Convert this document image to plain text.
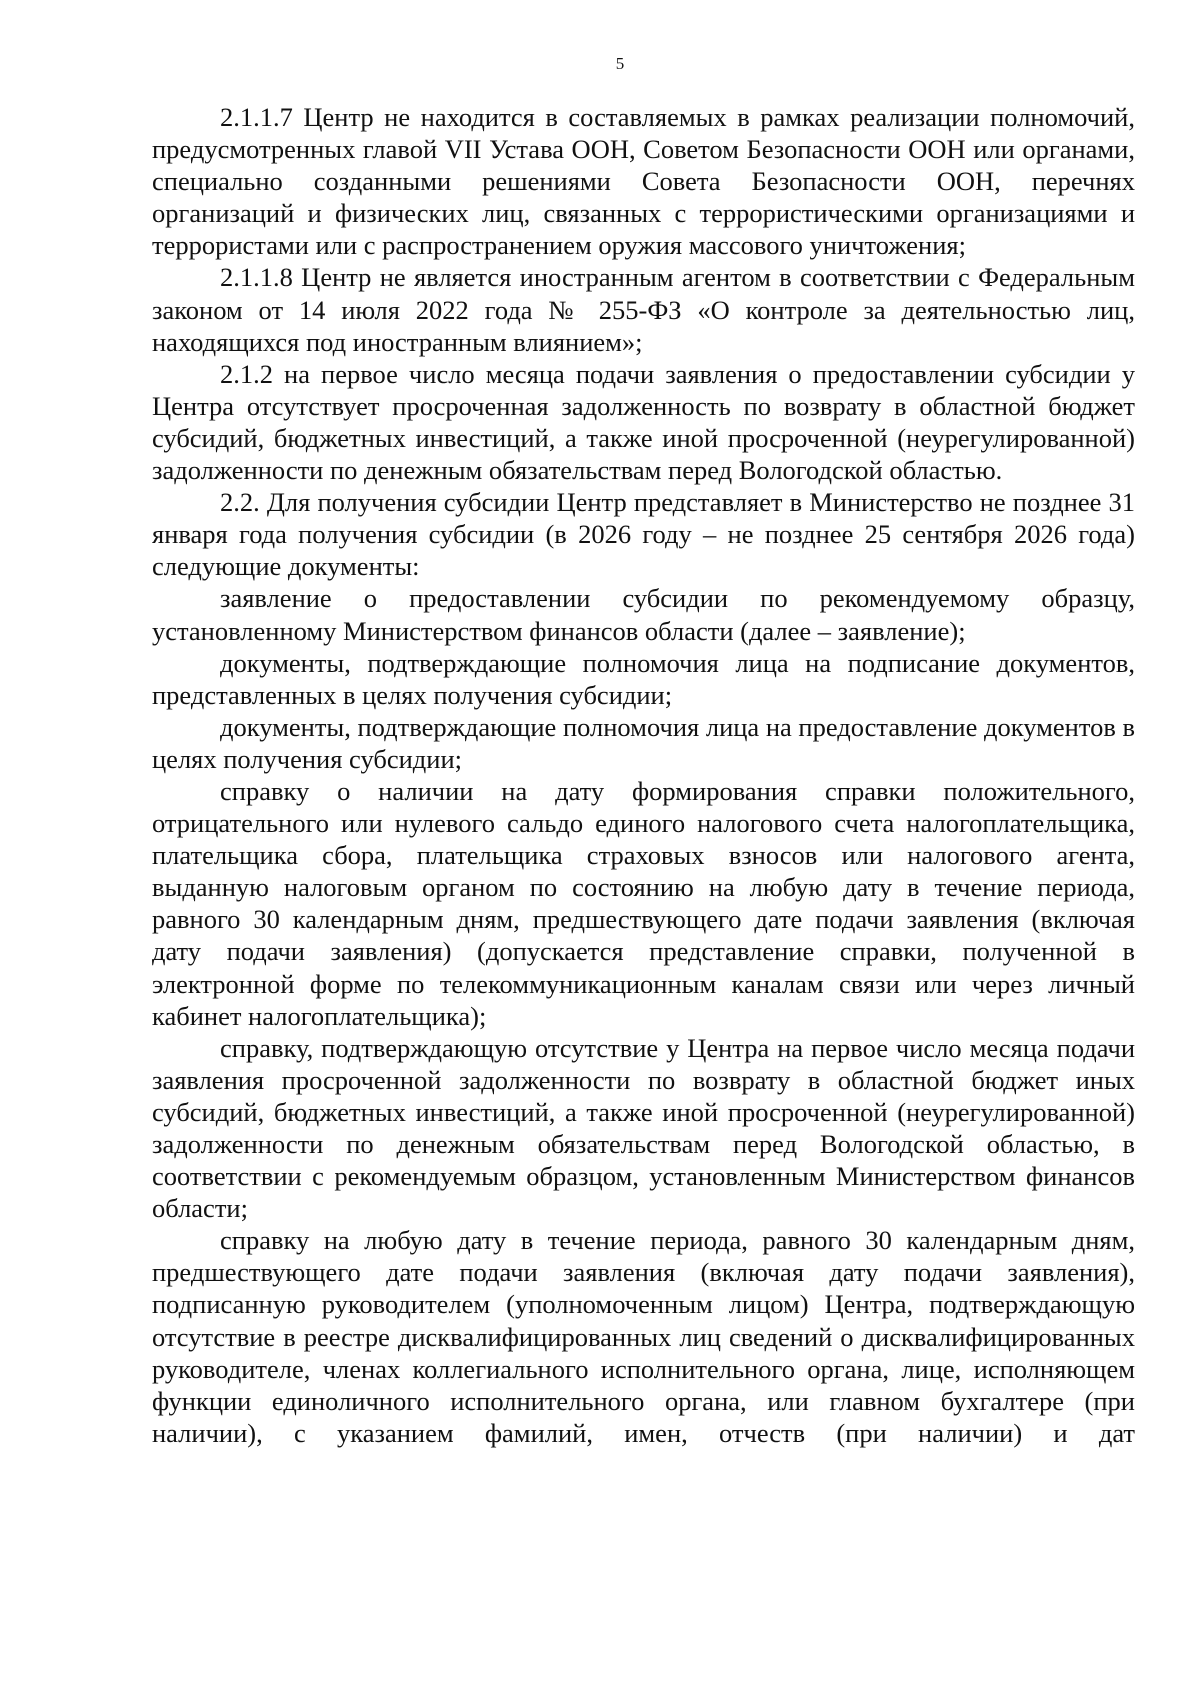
5

2.1.1.7 Центр не находится в составляемых в рамках реализации полномочий, предусмотренных главой VII Устава ООН, Советом Безопасности ООН или органами, специально созданными решениями Совета Безопасности ООН, перечнях организаций и физических лиц, связанных с террористическими организациями и террористами или с распространением оружия массового уничтожения;

2.1.1.8 Центр не является иностранным агентом в соответствии с Федеральным законом от 14 июля 2022 года № 255-ФЗ «О контроле за деятельностью лиц, находящихся под иностранным влиянием»;

2.1.2 на первое число месяца подачи заявления о предоставлении субсидии у Центра отсутствует просроченная задолженность по возврату в областной бюджет субсидий, бюджетных инвестиций, а также иной просроченной (неурегулированной) задолженности по денежным обязательствам перед Вологодской областью.

2.2. Для получения субсидии Центр представляет в Министерство не позднее 31 января года получения субсидии (в 2026 году – не позднее 25 сентября 2026 года) следующие документы:

заявление о предоставлении субсидии по рекомендуемому образцу, установленному Министерством финансов области (далее – заявление);

документы, подтверждающие полномочия лица на подписание документов, представленных в целях получения субсидии;

документы, подтверждающие полномочия лица на предоставление документов в целях получения субсидии;

справку о наличии на дату формирования справки положительного, отрицательного или нулевого сальдо единого налогового счета налогоплательщика, плательщика сбора, плательщика страховых взносов или налогового агента, выданную налоговым органом по состоянию на любую дату в течение периода, равного 30 календарным дням, предшествующего дате подачи заявления (включая дату подачи заявления) (допускается представление справки, полученной в электронной форме по телекоммуникационным каналам связи или через личный кабинет налогоплательщика);

справку, подтверждающую отсутствие у Центра на первое число месяца подачи заявления просроченной задолженности по возврату в областной бюджет иных субсидий, бюджетных инвестиций, а также иной просроченной (неурегулированной) задолженности по денежным обязательствам перед Вологодской областью, в соответствии с рекомендуемым образцом, установленным Министерством финансов области;

справку на любую дату в течение периода, равного 30 календарным дням, предшествующего дате подачи заявления (включая дату подачи заявления), подписанную руководителем (уполномоченным лицом) Центра, подтверждающую отсутствие в реестре дисквалифицированных лиц сведений о дисквалифицированных руководителе, членах коллегиального исполнительного органа, лице, исполняющем функции единоличного исполнительного органа, или главном бухгалтере (при наличии), с указанием фамилий, имен, отчеств (при наличии) и дат
